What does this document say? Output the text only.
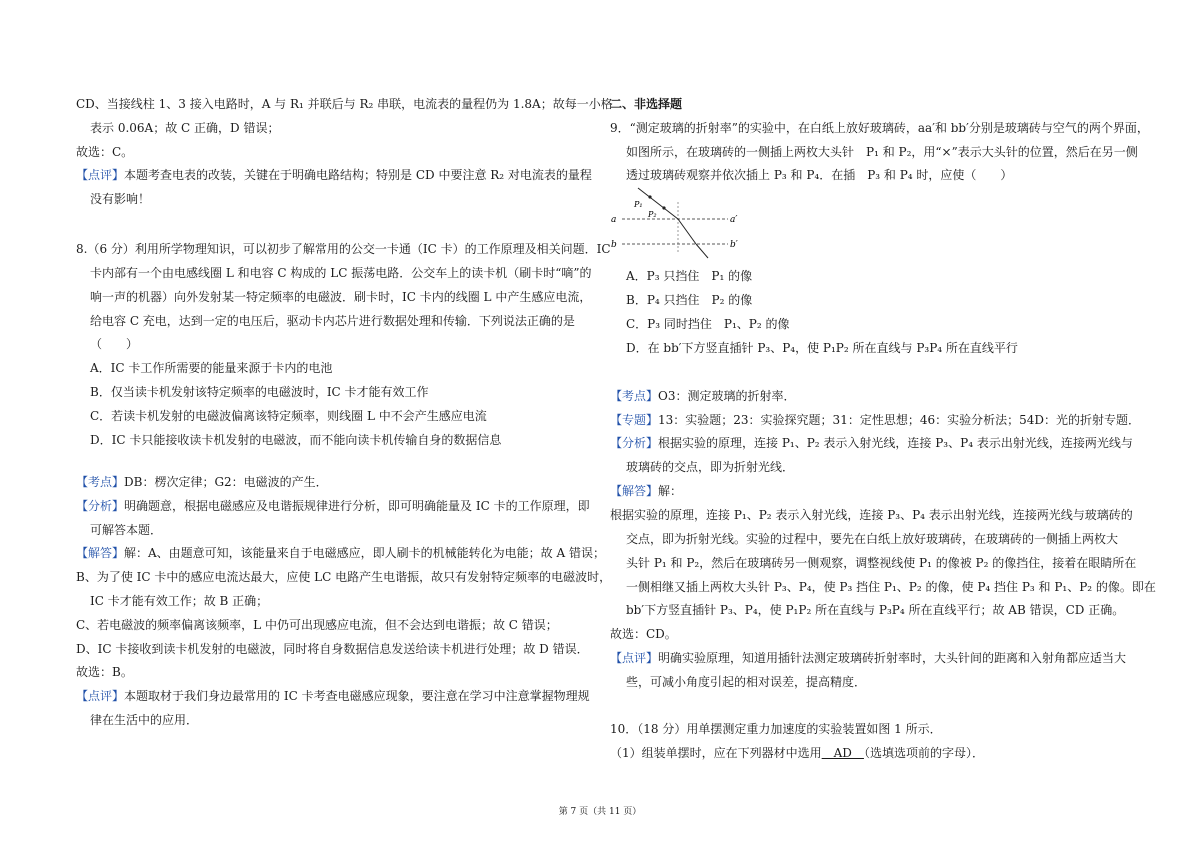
CD、当接线柱 1、3 接入电路时，A 与 R₁ 并联后与 R₂ 串联，电流表的量程仍为 1.8A；故每一小格
表示 0.06A；故 C 正确，D 错误；
故选：C。
【点评】本题考查电表的改装，关键在于明确电路结构；特别是 CD 中要注意 R₂ 对电流表的量程
没有影响！
8.（6 分）利用所学物理知识，可以初步了解常用的公交一卡通（IC 卡）的工作原理及相关问题．IC
卡内部有一个由电感线圈 L 和电容 C 构成的 LC 振荡电路．公交车上的读卡机（刷卡时“嘀”的
响一声的机器）向外发射某一特定频率的电磁波．刷卡时，IC 卡内的线圈 L 中产生感应电流，
给电容 C 充电，达到一定的电压后，驱动卡内芯片进行数据处理和传输．下列说法正确的是
（　　）
A．IC 卡工作所需要的能量来源于卡内的电池
B．仅当读卡机发射该特定频率的电磁波时，IC 卡才能有效工作
C．若读卡机发射的电磁波偏离该特定频率，则线圈 L 中不会产生感应电流
D．IC 卡只能接收读卡机发射的电磁波，而不能向读卡机传输自身的数据信息
【考点】DB：楞次定律；G2：电磁波的产生．
【分析】明确题意，根据电磁感应及电谐振规律进行分析，即可明确能量及 IC 卡的工作原理，即
可解答本题．
【解答】解：A、由题意可知，该能量来自于电磁感应，即人刷卡的机械能转化为电能；故 A 错误；
B、为了使 IC 卡中的感应电流达最大，应使 LC 电路产生电谐振，故只有发射特定频率的电磁波时，
IC 卡才能有效工作；故 B 正确；
C、若电磁波的频率偏离该频率，L 中仍可出现感应电流，但不会达到电谐振；故 C 错误；
D、IC 卡接收到读卡机发射的电磁波，同时将自身数据信息发送给读卡机进行处理；故 D 错误．
故选：B。
【点评】本题取材于我们身边最常用的 IC 卡考查电磁感应现象，要注意在学习中注意掌握物理规
律在生活中的应用．
二、非选择题
9．“测定玻璃的折射率”的实验中，在白纸上放好玻璃砖，aa′和 bb′分别是玻璃砖与空气的两个界面，
如图所示，在玻璃砖的一侧插上两枚大头针　P₁ 和 P₂，用“×”表示大头针的位置，然后在另一侧
透过玻璃砖观察并依次插上 P₃ 和 P₄．在插　P₃ 和 P₄ 时，应使（　　）
a	a′
b	b′
P₁
P₂
A．P₃ 只挡住　P₁ 的像
B．P₄ 只挡住　P₂ 的像
C．P₃ 同时挡住　P₁、P₂ 的像
D．在 bb′下方竖直插针 P₃、P₄，使 P₁P₂ 所在直线与 P₃P₄ 所在直线平行
【考点】O3：测定玻璃的折射率．
【专题】13：实验题；23：实验探究题；31：定性思想；46：实验分析法；54D：光的折射专题．
【分析】根据实验的原理，连接 P₁、P₂ 表示入射光线，连接 P₃、P₄ 表示出射光线，连接两光线与
玻璃砖的交点，即为折射光线．
【解答】解：
根据实验的原理，连接 P₁、P₂ 表示入射光线，连接 P₃、P₄ 表示出射光线，连接两光线与玻璃砖的
交点，即为折射光线。实验的过程中，要先在白纸上放好玻璃砖，在玻璃砖的一侧插上两枚大
头针 P₁ 和 P₂，然后在玻璃砖另一侧观察，调整视线使 P₁ 的像被 P₂ 的像挡住，接着在眼睛所在
一侧相继又插上两枚大头针 P₃、P₄，使 P₃ 挡住 P₁、P₂ 的像，使 P₄ 挡住 P₃ 和 P₁、P₂ 的像。即在
bb′下方竖直插针 P₃、P₄，使 P₁P₂ 所在直线与 P₃P₄ 所在直线平行；故 AB 错误，CD 正确。
故选：CD。
【点评】明确实验原理，知道用插针法测定玻璃砖折射率时，大头针间的距离和入射角都应适当大
些，可减小角度引起的相对误差，提高精度．
10．（18 分）用单摆测定重力加速度的实验装置如图 1 所示．
（1）组装单摆时，应在下列器材中选用　AD　（选填选项前的字母）．
第 7 页（共 11 页）
